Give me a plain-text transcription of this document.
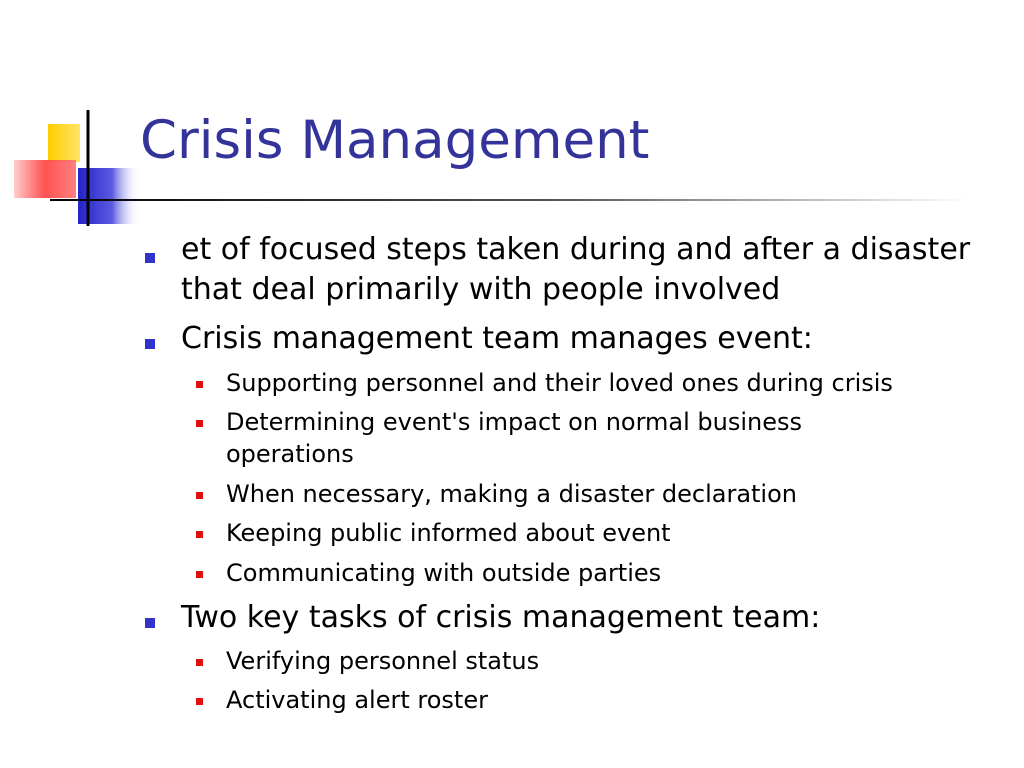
Crisis Management
et of focused steps taken during and after a disaster that deal primarily with people involved
Crisis management team manages event:
Supporting personnel and their loved ones during crisis
Determining event's impact on normal business operations
When necessary, making a disaster declaration
Keeping public informed about event
Communicating with outside parties
Two key tasks of crisis management team:
Verifying personnel status
Activating alert roster
